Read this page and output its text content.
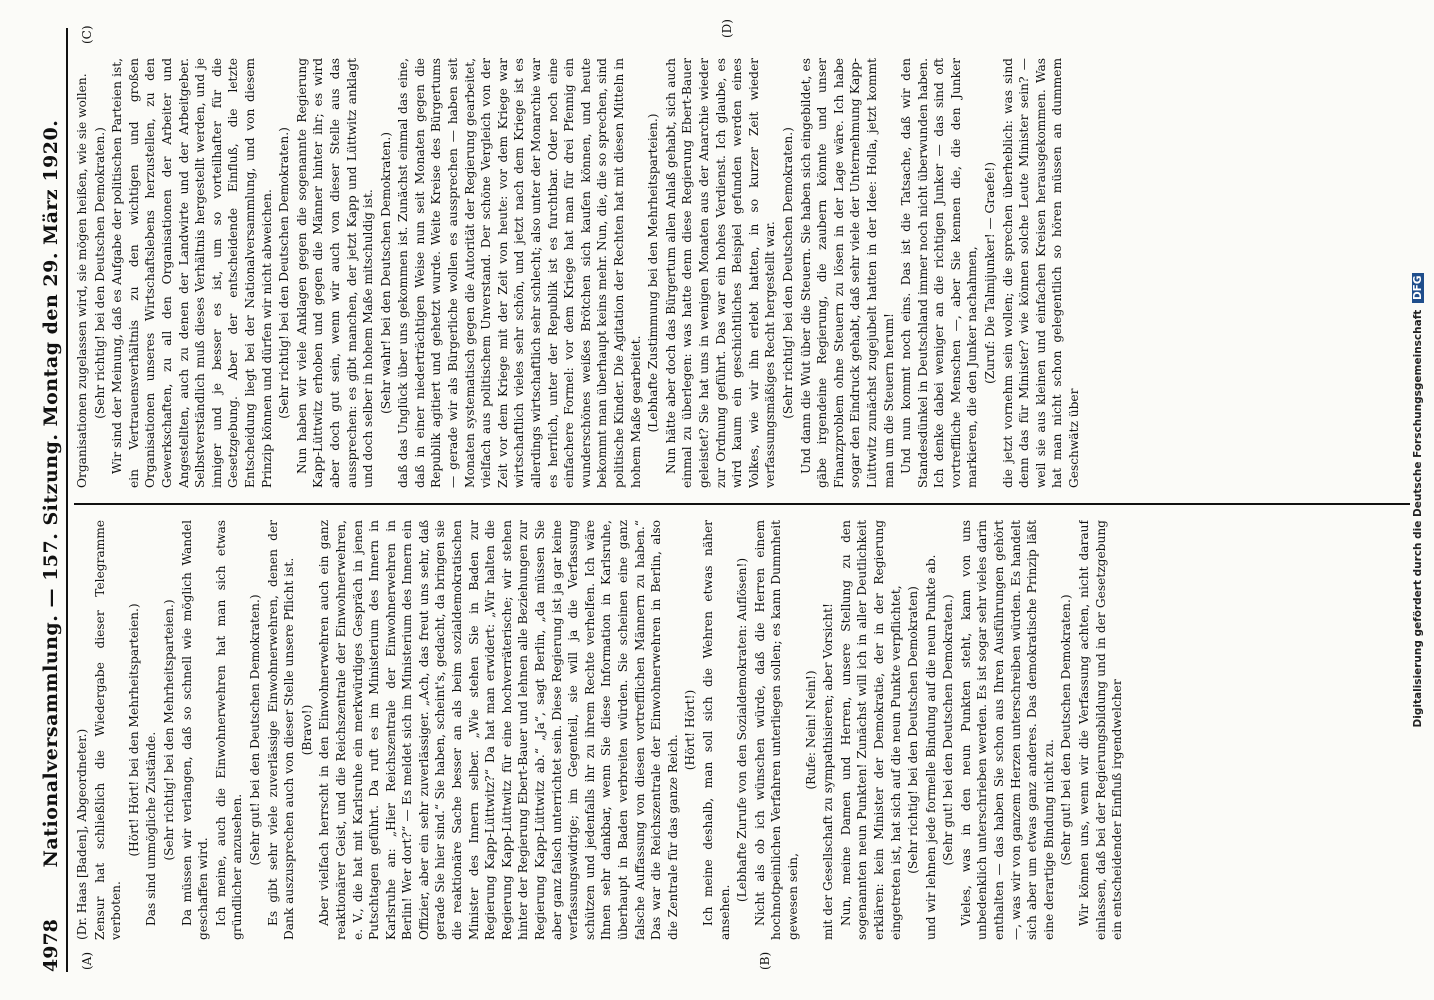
4978
Nationalversammlung. — 157. Sitzung. Montag den 29. März 1920.
(A)	(B)
(C)	(D)

(Dr. Haas [Baden], Abgeordneter.) Zensur hat schließlich die Wiedergabe dieser Telegramme verboten.

(Hört! Hört! bei den Mehrheitsparteien.) Das sind unmögliche Zustände. (Sehr richtig! bei den Mehrheitsparteien.) Da müssen wir verlangen, daß so schnell wie möglich Wandel geschaffen wird. Ich meine, auch die Einwohnerwehren hat man sich etwas gründlicher anzusehen.

(Sehr gut! bei den Deutschen Demokraten.) Es gibt sehr viele zuverlässige Einwohnerwehren, denen der Dank auszusprechen auch von dieser Stelle unsere Pflicht ist. (Bravo!) Aber vielfach herrscht in den Einwohnerwehren auch ein ganz reaktionärer Geist, und die Reichszentrale der Einwohnerwehren, e. V., die hat mit Karlsruhe ein merkwürdiges Gespräch in jenen Putschtagen geführt. Da ruft es im Ministerium des Innern in Karlsruhe an: „Hier Reichszentrale der Einwohnerwehren in Berlin! Wer dort?“ — Es meldet sich im Ministerium des Innern ein Offizier, aber ein sehr zuverlässiger. „Ach, das freut uns sehr, daß gerade Sie hier sind.“ Sie haben, scheint's, gedacht, da bringen sie die reaktionäre Sache besser an als beim sozialdemokratischen Minister des Innern selber. „Wie stehen Sie in Baden zur Regierung Kapp-Lüttwitz?“ Da hat man erwidert: „Wir halten die Regierung Kapp-Lüttwitz für eine hochverräterische; wir stehen hinter der Regierung Ebert-Bauer und lehnen alle Beziehungen zur Regierung Kapp-Lüttwitz ab.“ „Ja“, sagt Berlin, „da müssen Sie aber ganz falsch unterrichtet sein. Diese Regierung ist ja gar keine verfassungswidrige; im Gegenteil, sie will ja die Verfassung schützen und jedenfalls ihr zu ihrem Rechte verhelfen. Ich wäre Ihnen sehr dankbar, wenn Sie diese Information in Karlsruhe, überhaupt in Baden verbreiten würden. Sie scheinen eine ganz falsche Auffassung von diesen vortrefflichen Männern zu haben.“ Das war die Reichszentrale der Einwohnerwehren in Berlin, also die Zentrale für das ganze Reich.

(Hört! Hört!) Ich meine deshalb, man soll sich die Wehren etwas näher ansehen.

(Lebhafte Zurufe von den Sozialdemokraten: Auflösen!) Nicht als ob ich wünschen würde, daß die Herren einem hochnotpeinlichen Verfahren unterliegen sollen; es kann Dummheit gewesen sein,

(Rufe: Nein! Nein!) mit der Gesellschaft zu sympathisieren; aber Vorsicht! Nun, meine Damen und Herren, unsere Stellung zu den sogenannten neun Punkten! Zunächst will ich in aller Deutlichkeit erklären: kein Minister der Demokratie, der in der Regierung eingetreten ist, hat sich auf die neun Punkte verpflichtet, (Sehr richtig! bei den Deutschen Demokraten) und wir lehnen jede formelle Bindung auf die neun Punkte ab. (Sehr gut! bei den Deutschen Demokraten.) Vieles, was in den neun Punkten steht, kann von uns unbedenklich unterschrieben werden. Es ist sogar sehr vieles darin enthalten — das haben Sie schon aus Ihren Ausführungen gehört —, was wir von ganzem Herzen unterschreiben würden. Es handelt sich aber um etwas ganz anderes. Das demokratische Prinzip läßt eine derartige Bindung nicht zu. (Sehr gut! bei den Deutschen Demokraten.) Wir können uns, wenn wir die Verfassung achten, nicht darauf einlassen, daß bei der Regierungsbildung und in der Gesetzgebung ein entscheidender Einfluß irgendwelcher

Organisationen zugelassen wird, sie mögen heißen, wie sie wollen. (Sehr richtig! bei den Deutschen Demokraten.) Wir sind der Meinung, daß es Aufgabe der politischen Parteien ist, ein Vertrauensverhältnis zu den wichtigen und großen Organisationen unseres Wirtschaftslebens herzustellen, zu den Gewerkschaften, zu all den Organisationen der Arbeiter und Angestellten, auch zu denen der Landwirte und der Arbeitgeber. Selbstverständlich muß dieses Verhältnis hergestellt werden, und je inniger und je besser es ist, um so vorteilhafter für die Gesetzgebung. Aber der entscheidende Einfluß, die letzte Entscheidung liegt bei der Nationalversammlung, und von diesem Prinzip können und dürfen wir nicht abweichen. (Sehr richtig! bei den Deutschen Demokraten.) Nun haben wir viele Anklagen gegen die sogenannte Regierung Kapp-Lüttwitz erhoben und gegen die Männer hinter ihr; es wird aber doch gut sein, wenn wir auch von dieser Stelle aus das aussprechen: es gibt manchen, der jetzt Kapp und Lüttwitz anklagt und doch selber in hohem Maße mitschuldig ist. (Sehr wahr! bei den Deutschen Demokraten.) daß das Unglück über uns gekommen ist. Zunächst einmal das eine, daß in einer niederträchtigen Weise nun seit Monaten gegen die Republik agitiert und gehetzt wurde. Weite Kreise des Bürgertums — gerade wir als Bürgerliche wollen es aussprechen — haben seit Monaten systematisch gegen die Autorität der Regierung gearbeitet, vielfach aus politischem Unverstand. Der schöne Vergleich von der Zeit vor dem Kriege mit der Zeit von heute: vor dem Kriege war wirtschaftlich vieles sehr schön, und jetzt nach dem Kriege ist es allerdings wirtschaftlich sehr schlecht; also unter der Monarchie war es herrlich, unter der Republik ist es furchtbar. Oder noch eine einfachere Formel: vor dem Kriege hat man für drei Pfennig ein wunderschönes weißes Brötchen sich kaufen können, und heute bekommt man überhaupt keins mehr. Nun, die, die so sprechen, sind politische Kinder. Die Agitation der Rechten hat mit diesen Mitteln in hohem Maße gearbeitet. (Lebhafte Zustimmung bei den Mehrheitsparteien.) Nun hätte aber doch das Bürgertum allen Anlaß gehabt, sich auch einmal zu überlegen: was hatte denn diese Regierung Ebert-Bauer geleistet? Sie hat uns in wenigen Monaten aus der Anarchie wieder zur Ordnung geführt. Das war ein hohes Verdienst. Ich glaube, es wird kaum ein geschichtliches Beispiel gefunden werden eines Volkes, wie wir ihn erlebt hatten, in so kurzer Zeit wieder verfassungsmäßiges Recht hergestellt war. (Sehr richtig! bei den Deutschen Demokraten.) Und dann die Wut über die Steuern. Sie haben sich eingebildet, es gäbe irgendeine Regierung, die zaubern könnte und unser Finanzproblem ohne Steuern zu lösen in der Lage wäre. Ich habe sogar den Eindruck gehabt, daß sehr viele der Unternehmung Kapp-Lüttwitz zunächst zugejubelt hatten in der Idee: Holla, jetzt kommt man um die Steuern herum! Und nun kommt noch eins. Das ist die Tatsache, daß wir den Standesdünkel in Deutschland immer noch nicht überwunden haben. Ich denke dabei weniger an die richtigen Junker — das sind oft vortreffliche Menschen —, aber Sie kennen die, die den Junker markieren, die den Junker nachahmen, (Zuruf: Die Talmijunker! — Graefe!) die jetzt vornehm sein wollen; die sprechen überheblich: was sind denn das für Minister? wie können solche Leute Minister sein? — weil sie aus kleinen und einfachen Kreisen herausgekommen. Was hat man nicht schon gelegentlich so hören müssen an dummem Geschwätz über	Digitalisierung gefördert durch die Deutsche Forschungsgemeinschaft DFG
